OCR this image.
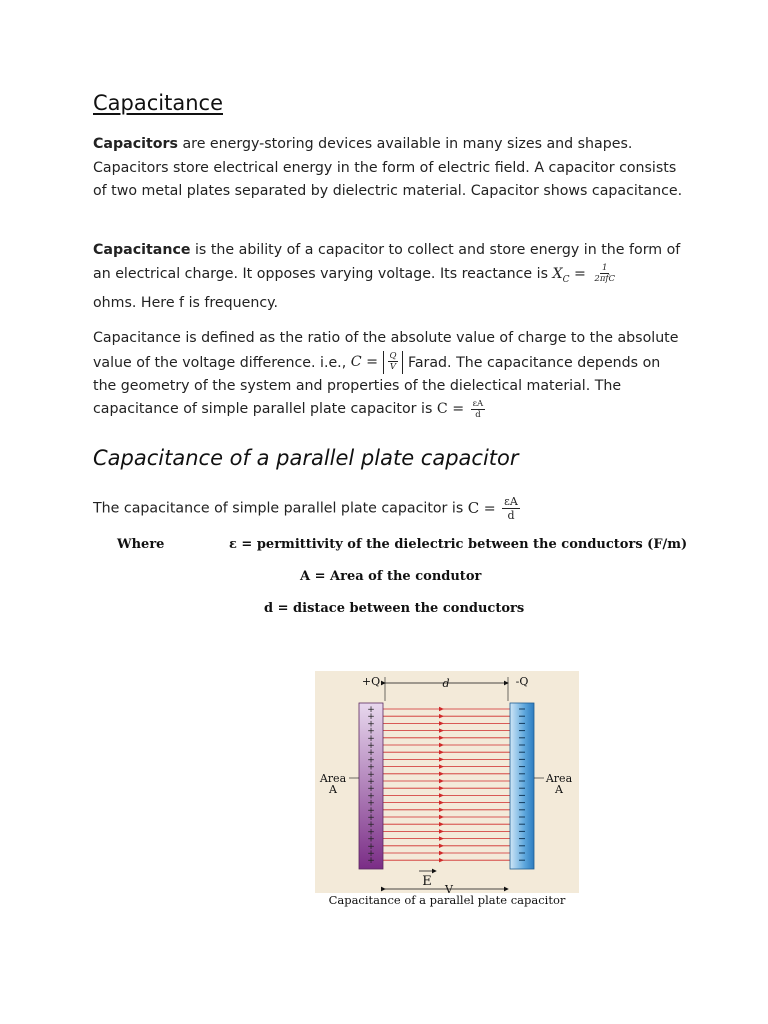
Capacitance

Capacitors are energy-storing devices available in many sizes and shapes. Capacitors store electrical energy in the form of electric field. A capacitor consists of two metal plates separated by dielectric material. Capacitor shows capacitance.

Capacitance is the ability of a capacitor to collect and store energy in the form of an electrical charge. It opposes varying voltage. Its reactance is $X_C = \frac{1}{\text{2πfC}}$

ohms. Here f is frequency.

Capacitance is defined as the ratio of the absolute value of charge to the absolute value of the voltage difference. i.e., $C = \frac{Q}{V}$ Farad. The capacitance depends on the geometry of the system and properties of the dielectical material. The capacitance of simple parallel plate capacitor is $C = \frac{\varepsilon A}{d}$

Capacitance of a parallel plate capacitor

The capacitance of simple parallel plate capacitor is $C = \frac{\varepsilon A}{d}$

Where	ε = permittivity of the dielectric between the conductors (F/m)
A = Area of the condutor
d = distace between the conductors
+
+
+
+
+
+
+
+
+
+
+
+
+
+
+
+
+
+
+
+
+
+
d
+Q	-Q
Area
A
Area
A
E
V
Capacitance of a parallel plate capacitor
